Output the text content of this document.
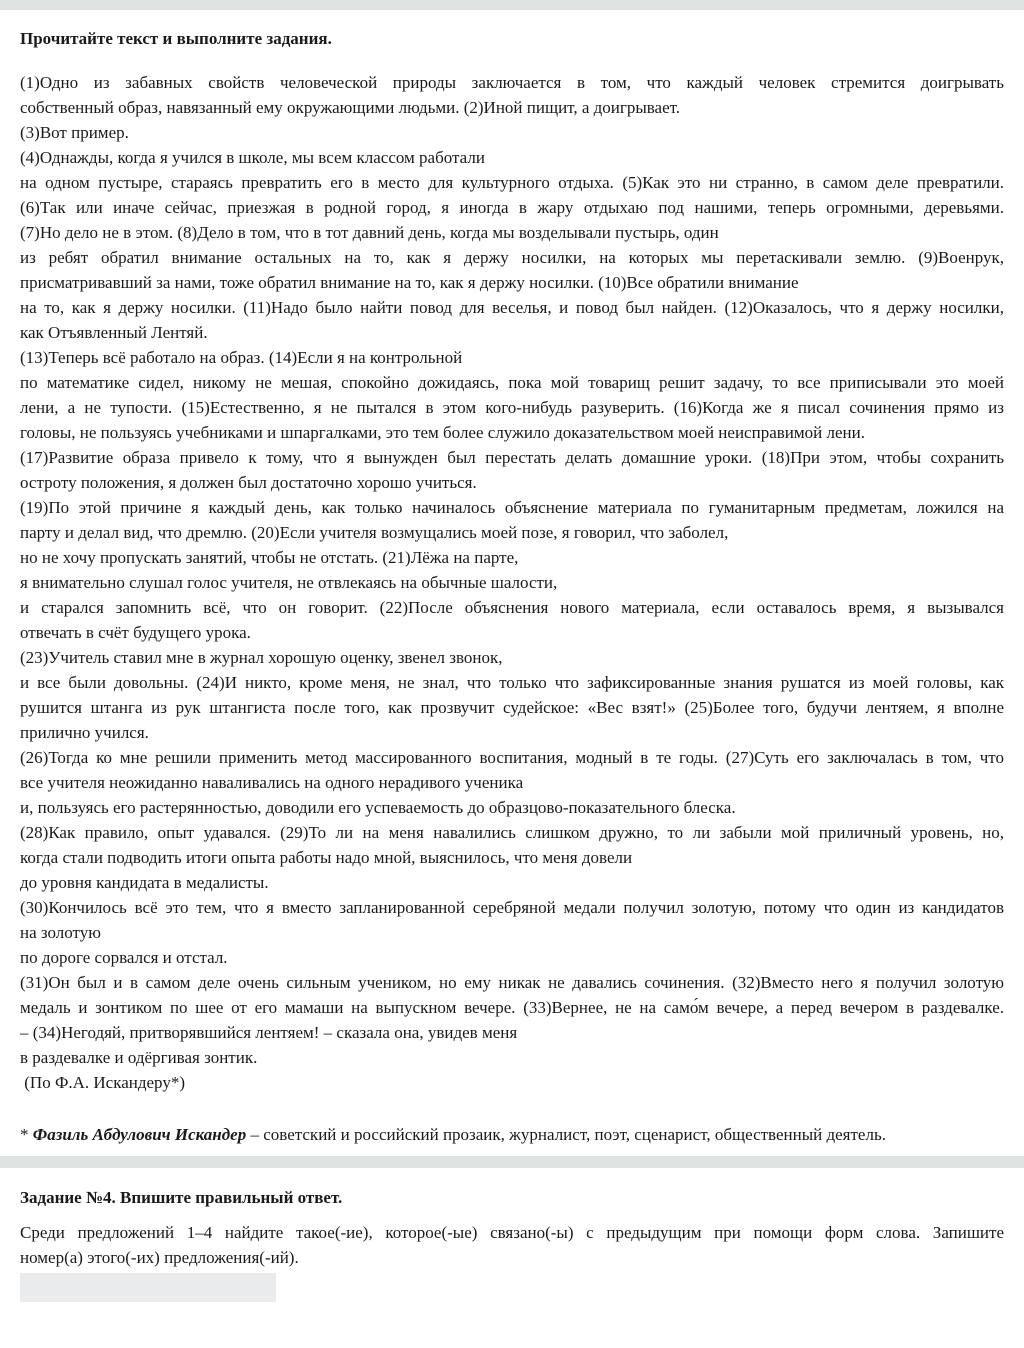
Прочитайте текст и выполните задания.
(1)Одно из забавных свойств человеческой природы заключается в том, что каждый человек стремится доигрывать
собственный образ, навязанный ему окружающими людьми. (2)Иной пищит, а доигрывает.
(3)Вот пример.
(4)Однажды, когда я учился в школе, мы всем классом работали
на одном пустыре, стараясь превратить его в место для культурного отдыха. (5)Как это ни странно, в самом деле превратили.
(6)Так или иначе сейчас, приезжая в родной город, я иногда в жару отдыхаю под нашими, теперь огромными, деревьями.
(7)Но дело не в этом. (8)Дело в том, что в тот давний день, когда мы возделывали пустырь, один
из ребят обратил внимание остальных на то, как я держу носилки, на которых мы перетаскивали землю. (9)Военрук,
присматривавший за нами, тоже обратил внимание на то, как я держу носилки. (10)Все обратили внимание
на то, как я держу носилки. (11)Надо было найти повод для веселья, и повод был найден. (12)Оказалось, что я держу носилки,
как Отъявленный Лентяй.
(13)Теперь всё работало на образ. (14)Если я на контрольной
по математике сидел, никому не мешая, спокойно дожидаясь, пока мой товарищ решит задачу, то все приписывали это моей
лени, а не тупости. (15)Естественно, я не пытался в этом кого-нибудь разуверить. (16)Когда же я писал сочинения прямо из
головы, не пользуясь учебниками и шпаргалками, это тем более служило доказательством моей неисправимой лени.
(17)Развитие образа привело к тому, что я вынужден был перестать делать домашние уроки. (18)При этом, чтобы сохранить
остроту положения, я должен был достаточно хорошо учиться.
(19)По этой причине я каждый день, как только начиналось объяснение материала по гуманитарным предметам, ложился на
парту и делал вид, что дремлю. (20)Если учителя возмущались моей позе, я говорил, что заболел,
но не хочу пропускать занятий, чтобы не отстать. (21)Лёжа на парте,
я внимательно слушал голос учителя, не отвлекаясь на обычные шалости,
и старался запомнить всё, что он говорит. (22)После объяснения нового материала, если оставалось время, я вызывался
отвечать в счёт будущего урока.
(23)Учитель ставил мне в журнал хорошую оценку, звенел звонок,
и все были довольны. (24)И никто, кроме меня, не знал, что только что зафиксированные знания рушатся из моей головы, как
рушится штанга из рук штангиста после того, как прозвучит судейское: «Вес взят!» (25)Более того, будучи лентяем, я вполне
прилично учился.
(26)Тогда ко мне решили применить метод массированного воспитания, модный в те годы. (27)Суть его заключалась в том, что
все учителя неожиданно наваливались на одного нерадивого ученика
и, пользуясь его растерянностью, доводили его успеваемость до образцово-показательного блеска.
(28)Как правило, опыт удавался. (29)То ли на меня навалились слишком дружно, то ли забыли мой приличный уровень, но,
когда стали подводить итоги опыта работы надо мной, выяснилось, что меня довели
до уровня кандидата в медалисты.
(30)Кончилось всё это тем, что я вместо запланированной серебряной медали получил золотую, потому что один из кандидатов
на золотую
по дороге сорвался и отстал.
(31)Он был и в самом деле очень сильным учеником, но ему никак не давались сочинения. (32)Вместо него я получил золотую
медаль и зонтиком по шее от его мамаши на выпускном вечере. (33)Вернее, не на само́м вечере, а перед вечером в раздевалке.
– (34)Негодяй, притворявшийся лентяем! – сказала она, увидев меня
в раздевалке и одёргивая зонтик.
(По Ф.А. Искандеру*)
* Фазиль Абдулович Искандер – советский и российский прозаик, журналист, поэт, сценарист, общественный деятель.
Задание №4. Впишите правильный ответ.
Среди предложений 1–4 найдите такое(-ие), которое(-ые) связано(-ы) с предыдущим при помощи форм слова. Запишите
номер(а) этого(-их) предложения(-ий).
